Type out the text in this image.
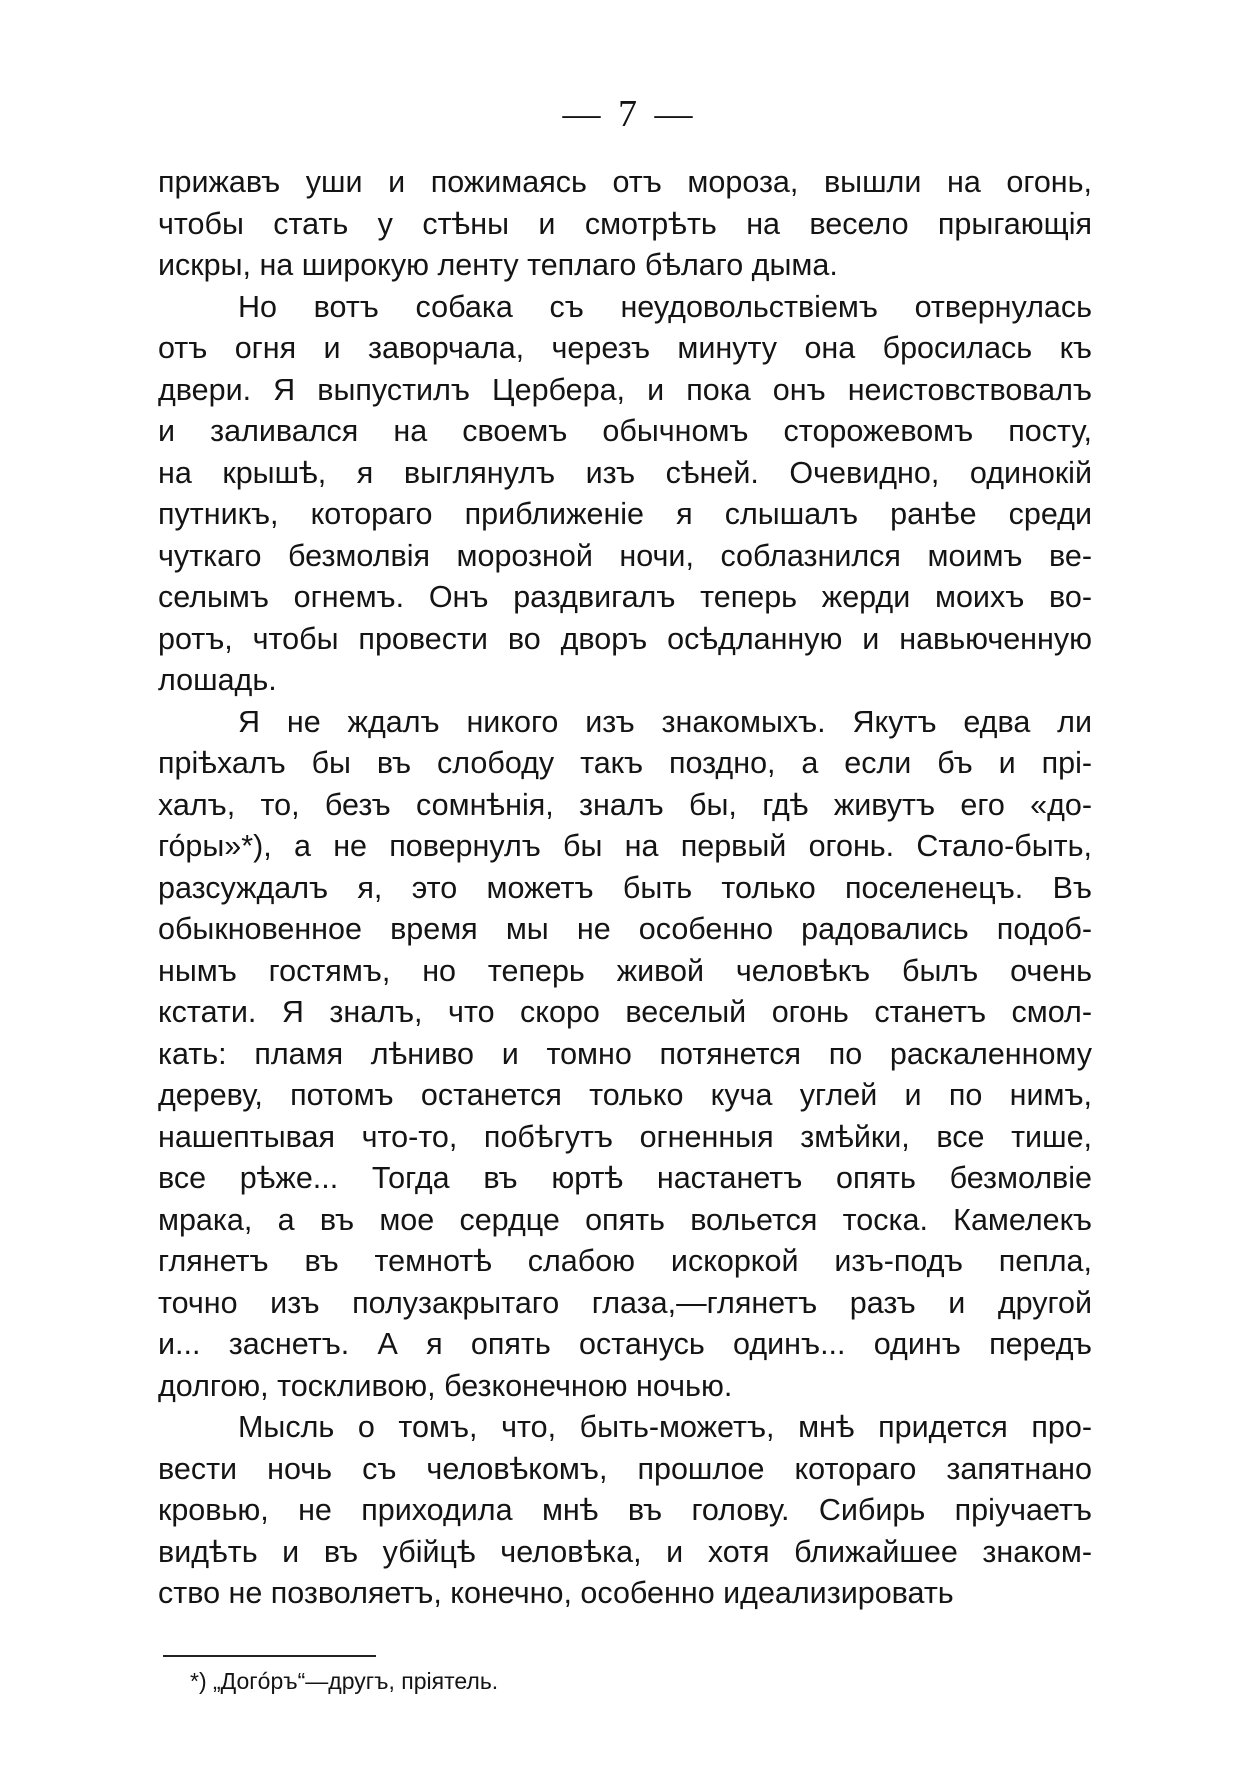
— 7 —
прижавъ уши и пожимаясь отъ мороза, вышли на огонь,
чтобы стать у стѣны и смотрѣть на весело прыгающія
искры, на широкую ленту теплаго бѣлаго дыма.
Но вотъ собака съ неудовольствіемъ отвернулась
отъ огня и заворчала, черезъ минуту она бросилась къ
двери. Я выпустилъ Цербера, и пока онъ неистовствовалъ
и заливался на своемъ обычномъ сторожевомъ посту,
на крышѣ, я выглянулъ изъ сѣней. Очевидно, одинокій
путникъ, котораго приближеніе я слышалъ ранѣе среди
чуткаго безмолвія морозной ночи, соблазнился моимъ ве-
селымъ огнемъ. Онъ раздвигалъ теперь жерди моихъ во-
ротъ, чтобы провести во дворъ осѣдланную и навьюченную
лошадь.
Я не ждалъ никого изъ знакомыхъ. Якутъ едва ли
пріѣхалъ бы въ слободу такъ поздно, а если бъ и прі-
халъ, то, безъ сомнѣнія, зналъ бы, гдѣ живутъ его «до-
го́ры»*), а не повернулъ бы на первый огонь. Стало-быть,
разсуждалъ я, это можетъ быть только поселенецъ. Въ
обыкновенное время мы не особенно радовались подоб-
нымъ гостямъ, но теперь живой человѣкъ былъ очень
кстати. Я зналъ, что скоро веселый огонь станетъ смол-
кать: пламя лѣниво и томно потянется по раскаленному
дереву, потомъ останется только куча углей и по нимъ,
нашептывая что-то, побѣгутъ огненныя змѣйки, все тише,
все рѣже... Тогда въ юртѣ настанетъ опять безмолвіе
мрака, а въ мое сердце опять вольется тоска. Камелекъ
глянетъ въ темнотѣ слабою искоркой изъ-подъ пепла,
точно изъ полузакрытаго глаза,—глянетъ разъ и другой
и... заснетъ. А я опять останусь одинъ... одинъ передъ
долгою, тоскливою, безконечною ночью.
Мысль о томъ, что, быть-можетъ, мнѣ придется про-
вести ночь съ человѣкомъ, прошлое котораго запятнано
кровью, не приходила мнѣ въ голову. Сибирь пріучаетъ
видѣть и въ убійцѣ человѣка, и хотя ближайшее знаком-
ство не позволяетъ, конечно, особенно идеализировать
*) „Догóръ“—другъ, пріятель.
